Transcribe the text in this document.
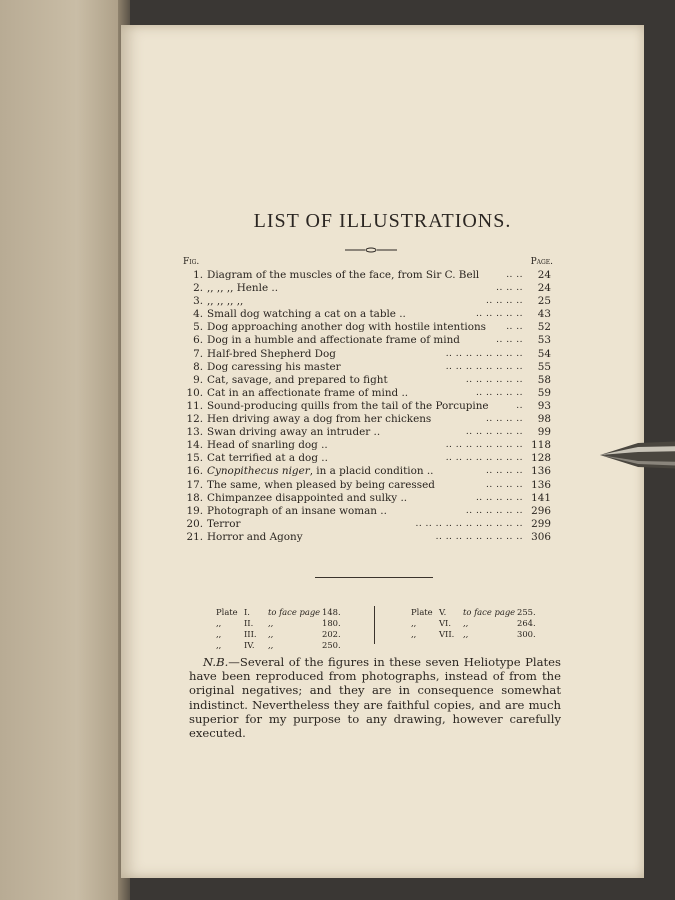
LIST OF ILLUSTRATIONS.
Fig.	Page.
1. Diagram of the muscles of the face, from Sir C. Bell	.. ..	24
2. ,, ,, ,, Henle ..	.. .. ..	24
3. ,, ,, ,, ,,	.. .. .. ..	25
4. Small dog watching a cat on a table ..	.. .. .. .. ..	43
5. Dog approaching another dog with hostile intentions .. ..	52
6. Dog in a humble and affectionate frame of mind	.. .. ..	53
7. Half-bred Shepherd Dog	.. .. .. .. .. .. .. ..	54
8. Dog caressing his master	.. .. .. .. .. .. .. ..	55
9. Cat, savage, and prepared to fight	.. .. .. .. .. ..	58
10. Cat in an affectionate frame of mind ..	.. .. .. .. ..	59
11. Sound-producing quills from the tail of the Porcupine	..	93
12. Hen driving away a dog from her chickens	.. .. .. ..	98
13. Swan driving away an intruder ..	.. .. .. .. .. ..	99
14. Head of snarling dog ..	.. .. .. .. .. .. .. .. 118
15. Cat terrified at a dog ..	.. .. .. .. .. .. .. .. 128
16. Cynopithecus niger, in a placid condition ..	.. .. .. .. 136
17. The same, when pleased by being caressed	.. .. .. .. 136
18. Chimpanzee disappointed and sulky ..	.. .. .. .. .. 141
19. Photograph of an insane woman ..	.. .. .. .. .. .. 296
20. Terror	.. .. .. .. .. .. .. .. .. .. .. 299
21. Horror and Agony	.. .. .. .. .. .. .. .. .. 306
Plate I. to face page 148.
,,	II. ,,	180.
,,	III. ,,	202.
,,	IV. ,,	250.
Plate V. to face page 255.
,,	VI. ,,	264.
,,	VII. ,,	300.
N.B.—Several of the figures in these seven Heliotype Plates have been reproduced from photographs, instead of from the original negatives; and they are in consequence somewhat indistinct. Nevertheless they are faithful copies, and are much superior for my purpose to any drawing, however carefully executed.
